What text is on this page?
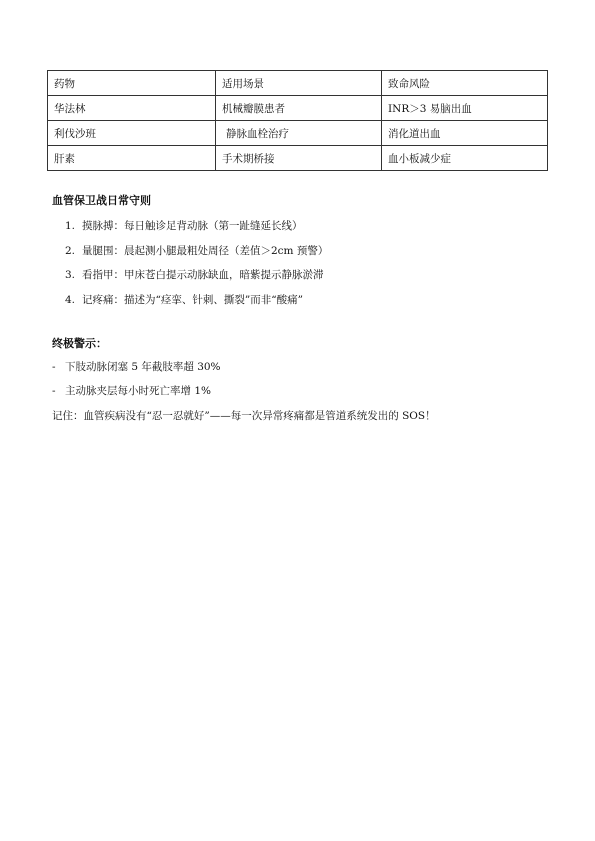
药物	适用场景	致命风险
华法林	机械瓣膜患者	INR＞3 易脑出血
利伐沙班	静脉血栓治疗	消化道出血
肝素	手术期桥接	血小板减少症
血管保卫战日常守则
1. 摸脉搏：每日触诊足背动脉（第一趾缝延长线）
2. 量腿围：晨起测小腿最粗处周径（差值＞2cm 预警）
3. 看指甲：甲床苍白提示动脉缺血，暗紫提示静脉淤滞
4. 记疼痛：描述为“痉挛、针刺、撕裂”而非“酸痛”
终极警示：

- 下肢动脉闭塞 5 年截肢率超 30%

- 主动脉夹层每小时死亡率增 1%

记住：血管疾病没有“忍一忍就好”——每一次异常疼痛都是管道系统发出的 SOS！
